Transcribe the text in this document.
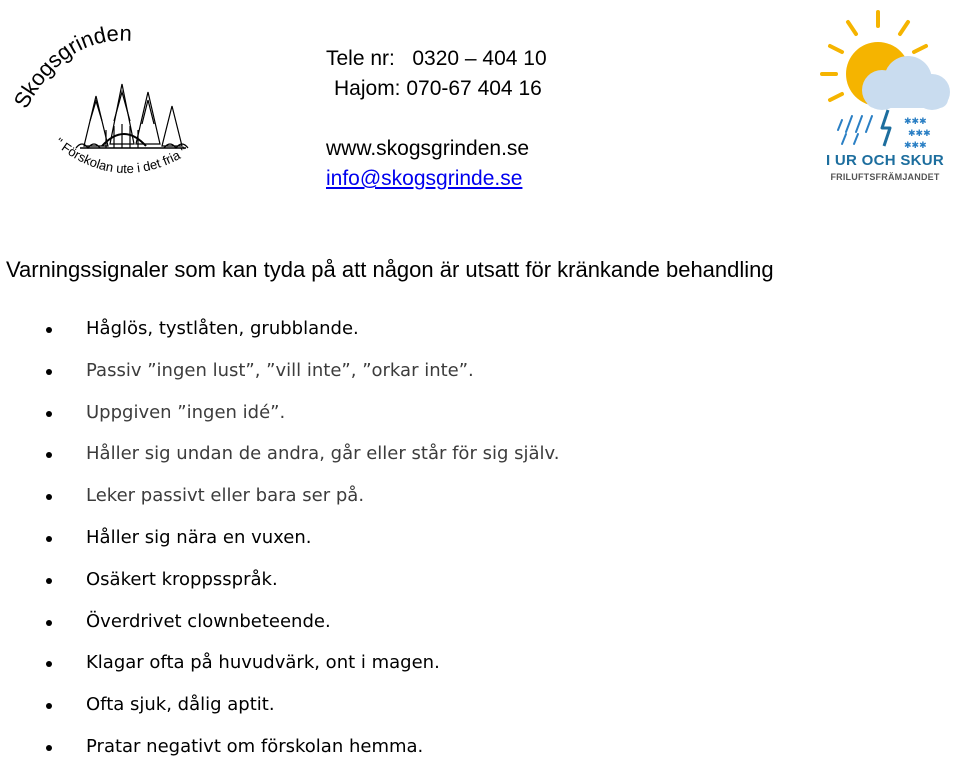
kogsgrinden
" Förskolan ute i det fria "
Tele nr:   0320 – 404 10
Hajom: 070-67 404 16
www.skogsgrinden.se
info@skogsgrinde.se
✱✱✱
✱✱✱
✱✱✱
I UR OCH SKUR
FRILUFTSFRÄMJANDET
Varningssignaler som kan tyda på att någon är utsatt för kränkande behandling
Håglös, tystlåten, grubblande.
Passiv ”ingen lust”, ”vill inte”, ”orkar inte”.
Uppgiven ”ingen idé”.
Håller sig undan de andra, går eller står för sig själv.
Leker passivt eller bara ser på.
Håller sig nära en vuxen.
Osäkert kroppsspråk.
Överdrivet clownbeteende.
Klagar ofta på huvudvärk, ont i magen.
Ofta sjuk, dålig aptit.
Pratar negativt om förskolan hemma.
